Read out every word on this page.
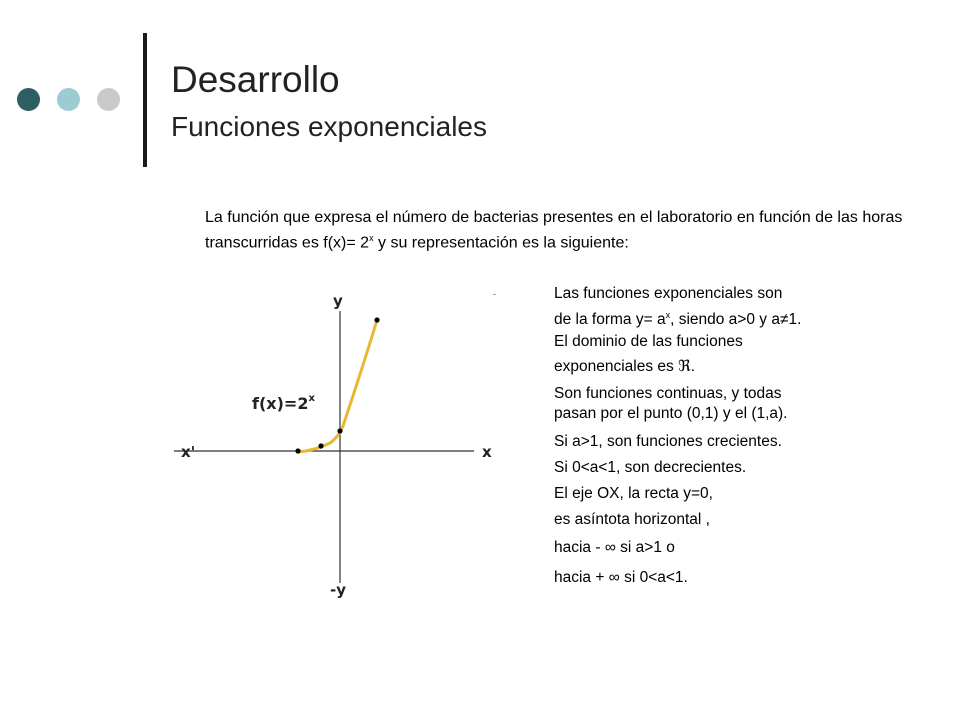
Desarrollo
Funciones exponenciales
La función que expresa el número de bacterias presentes en el laboratorio en función de las horas transcurridas es $f(x)= 2^x$ y su representación es la siguiente:
y
-y
x
x'
$f(x)=2^x$
-	Las funciones exponenciales son
de la forma $y= a^x$, siendo a>0 y a≠1.
El dominio de las funciones
exponenciales es ℜ.
Son funciones continuas, y todas
pasan por el punto (0,1) y el (1,a).
Si a>1, son funciones crecientes.
Si 0<a<1, son decrecientes.
El eje OX, la recta y=0,
es asíntota horizontal ,
hacia - ∞ si a>1 o
hacia + ∞ si 0<a<1.
